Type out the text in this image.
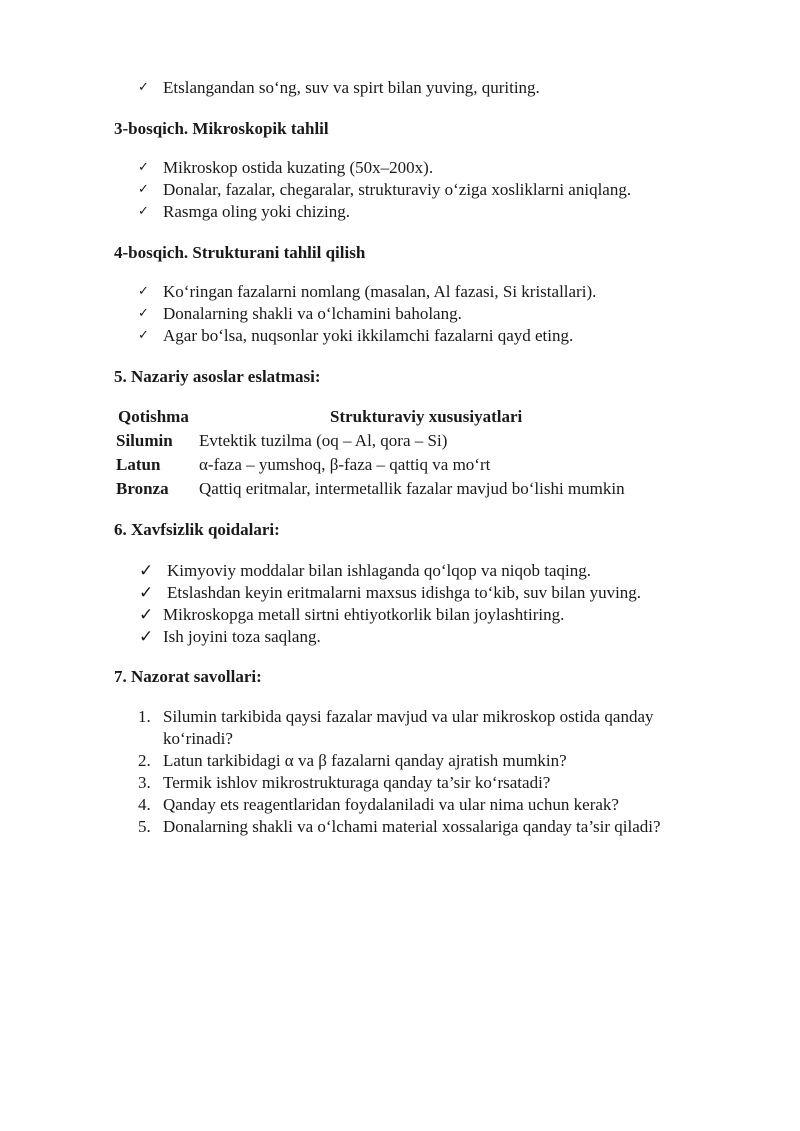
✓ Etslangandan so‘ng, suv va spirt bilan yuving, quriting.
3-bosqich. Mikroskopik tahlil
✓ Mikroskop ostida kuzating (50x–200x).
✓ Donalar, fazalar, chegaralar, strukturaviy o‘ziga xosliklarni aniqlang.
✓ Rasmga oling yoki chizing.
4-bosqich. Strukturani tahlil qilish
✓ Ko‘ringan fazalarni nomlang (masalan, Al fazasi, Si kristallari).
✓ Donalarning shakli va o‘lchamini baholang.
✓ Agar bo‘lsa, nuqsonlar yoki ikkilamchi fazalarni qayd eting.
5. Nazariy asoslar eslatmasi:
Qotishma	Strukturaviy xususiyatlari
Silumin Evtektik tuzilma (oq – Al, qora – Si)
Latun α-faza – yumshoq, β-faza – qattiq va mo‘rt
Bronza Qattiq eritmalar, intermetallik fazalar mavjud bo‘lishi mumkin
6. Xavfsizlik qoidalari:
✓ Kimyoviy moddalar bilan ishlaganda qo‘lqop va niqob taqing.
✓ Etslashdan keyin eritmalarni maxsus idishga to‘kib, suv bilan yuving.
✓ Mikroskopga metall sirtni ehtiyotkorlik bilan joylashtiring.
✓ Ish joyini toza saqlang.
7. Nazorat savollari:
1. Silumin tarkibida qaysi fazalar mavjud va ular mikroskop ostida qanday
ko‘rinadi?
2. Latun tarkibidagi α va β fazalarni qanday ajratish mumkin?
3. Termik ishlov mikrostrukturaga qanday ta’sir ko‘rsatadi?
4. Qanday ets reagentlaridan foydalaniladi va ular nima uchun kerak?
5. Donalarning shakli va o‘lchami material xossalariga qanday ta’sir qiladi?
